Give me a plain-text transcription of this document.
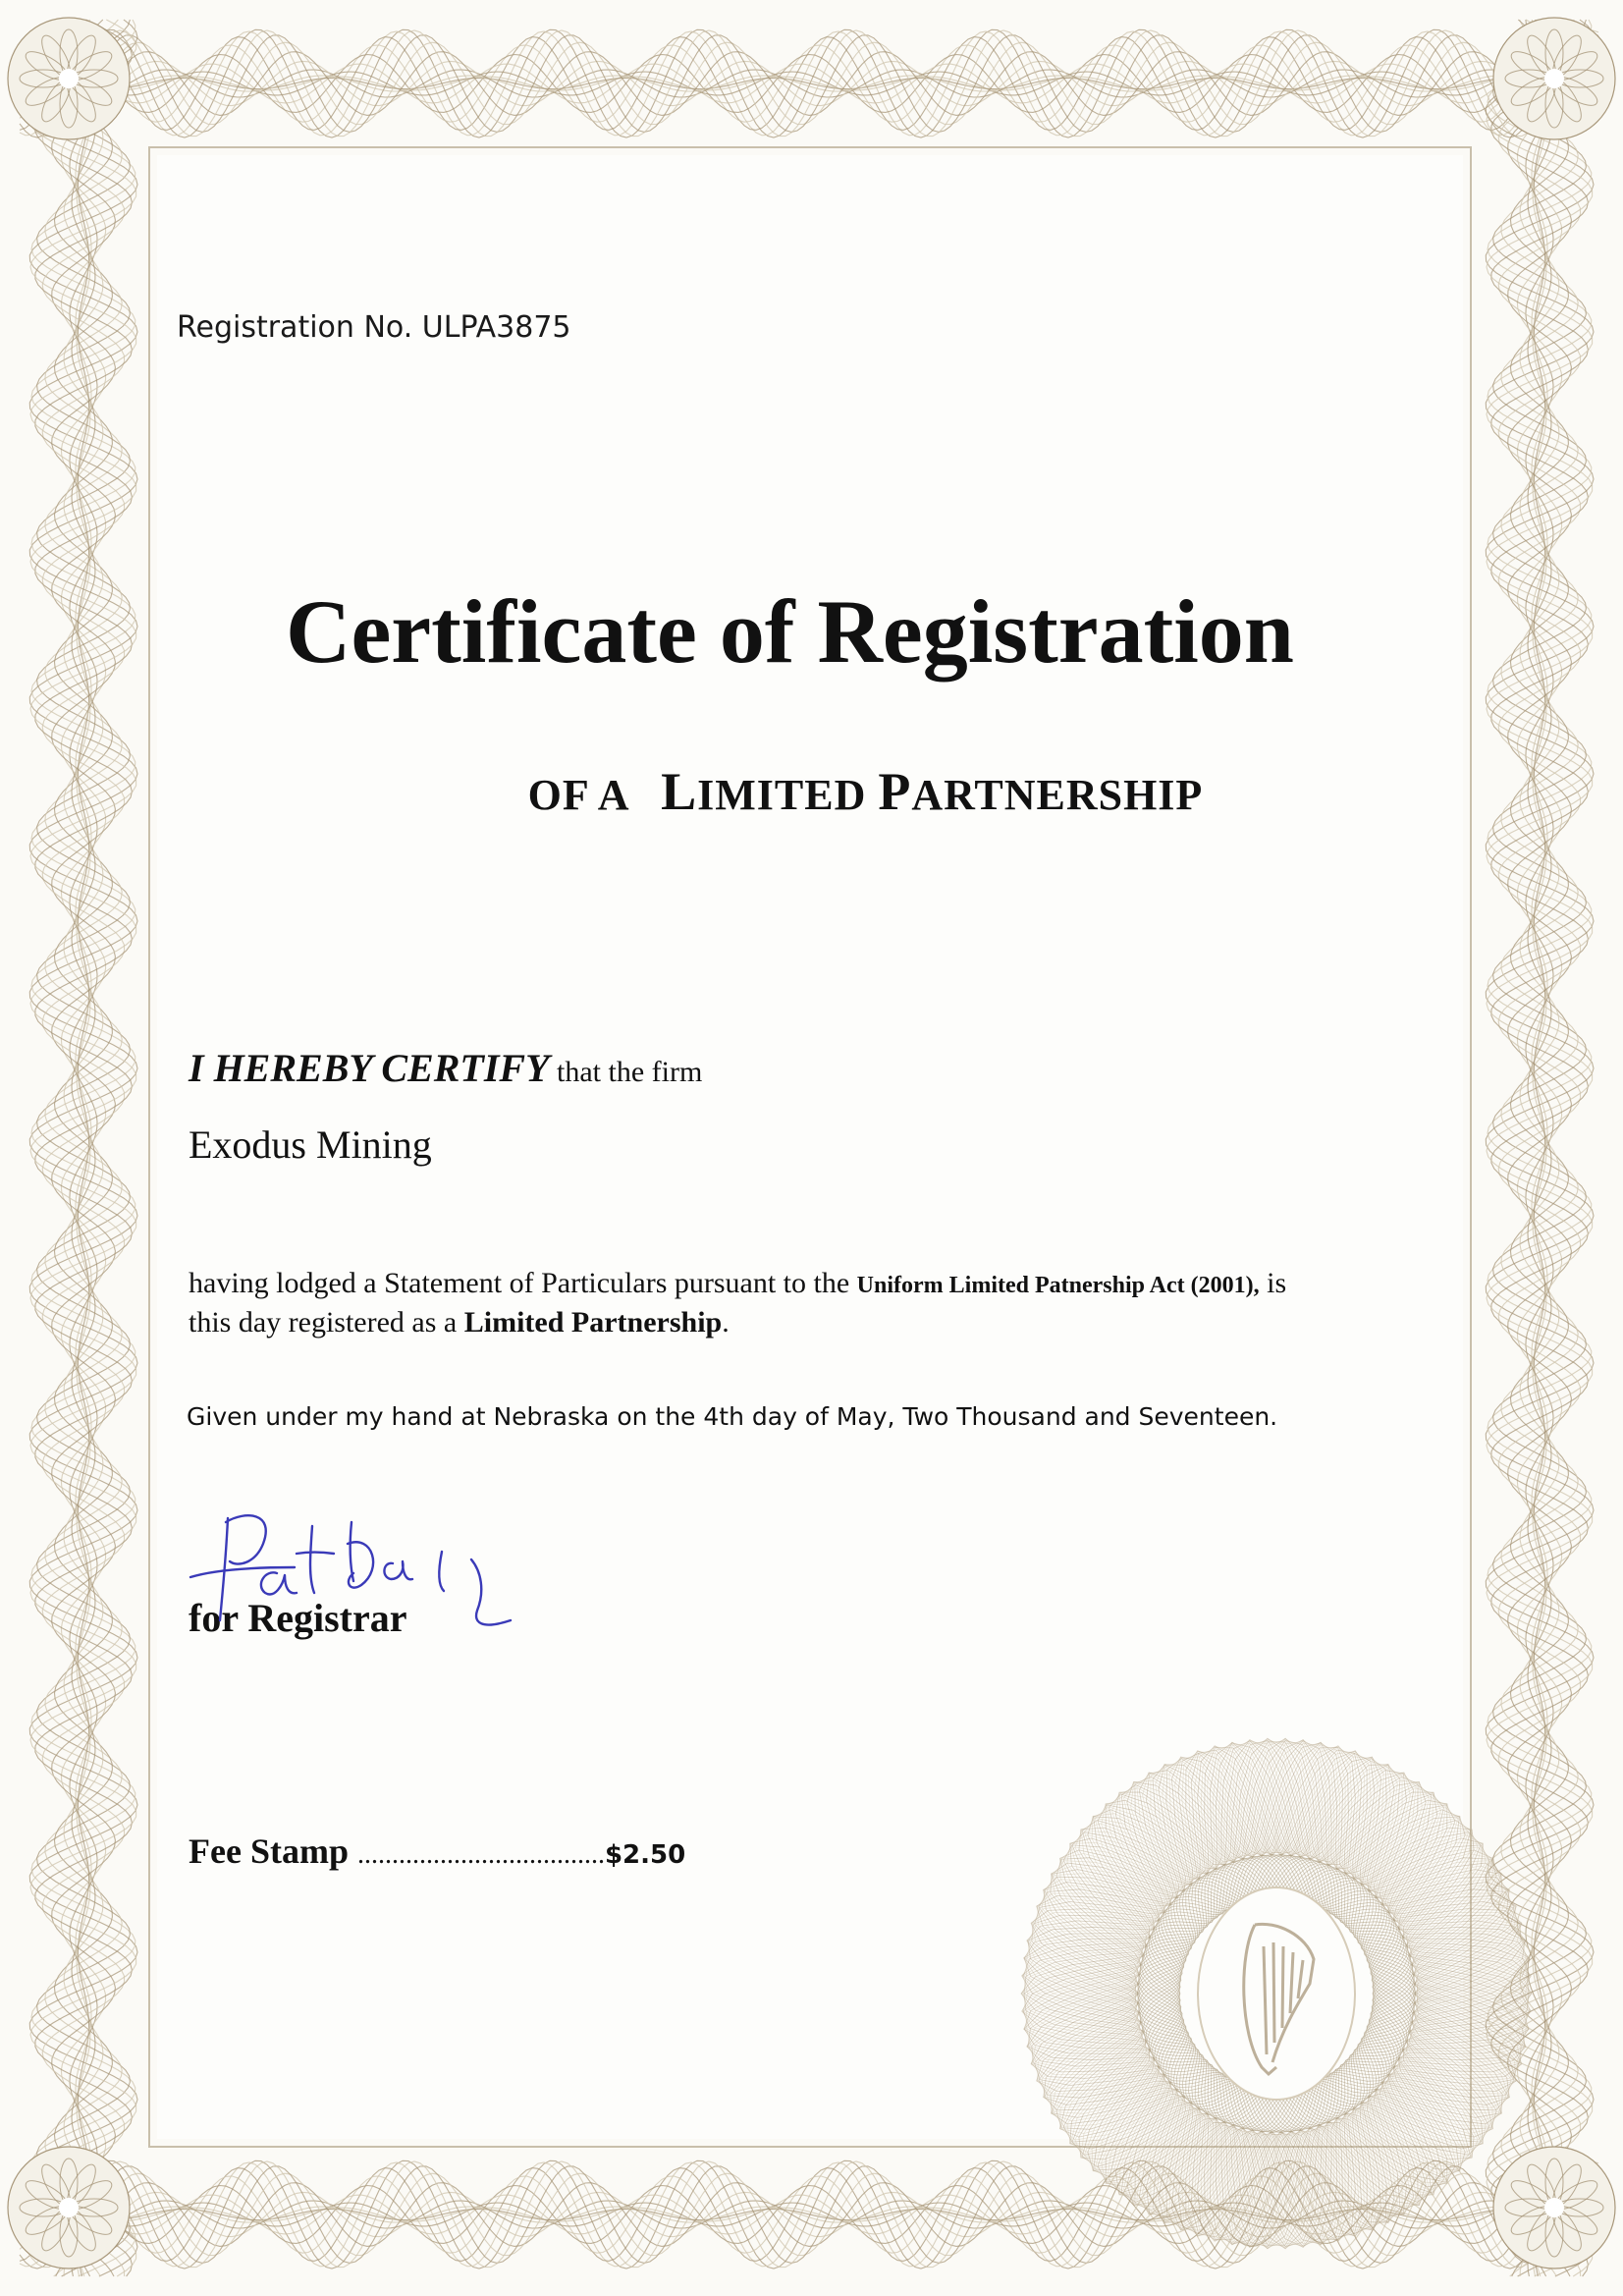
Registration No. ULPA3875
Certificate of Registration
OF A LIMITED PARTNERSHIP
I HEREBY CERTIFY that the firm
Exodus Mining
having lodged a Statement of Particulars pursuant to the Uniform Limited Patnership Act (2001), is
this day registered as a Limited Partnership.
Given under my hand at Nebraska on the 4th day of May, Two Thousand and Seventeen.
for Registrar
Fee Stamp ....................................$2.50
